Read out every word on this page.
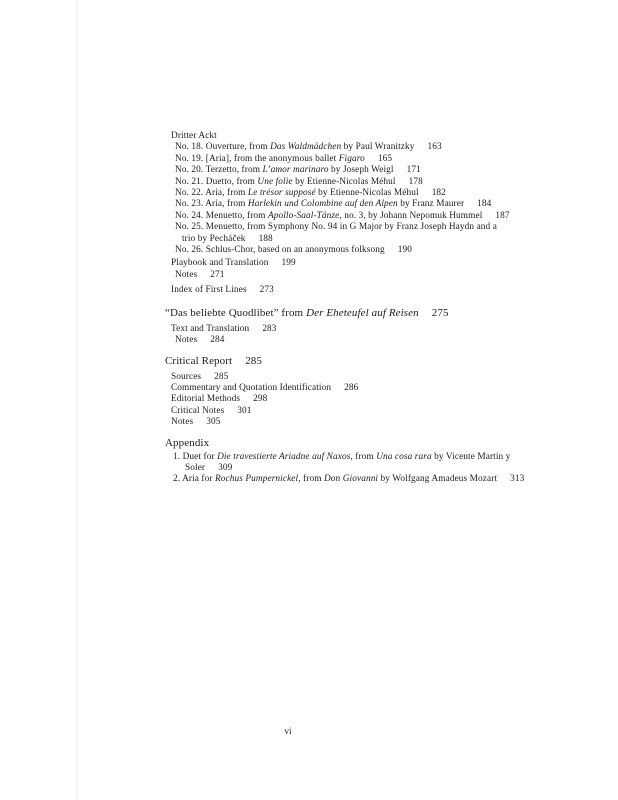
Dritter Ackt
No. 18. Ouverture, from Das Waldmädchen by Paul Wranitzky 163
No. 19. [Aria], from the anonymous ballet Figaro 165
No. 20. Terzetto, from L’amor marinaro by Joseph Weigl 171
No. 21. Duetto, from Une folie by Etienne-Nicolas Méhul 178
No. 22. Aria, from Le trésor supposé by Etienne-Nicolas Méhul 182
No. 23. Aria, from Harlekin und Colombine auf den Alpen by Franz Maurer 184
No. 24. Menuetto, from Apollo-Saal-Tänze, no. 3, by Johann Nepomuk Hummel 187
No. 25. Menuetto, from Symphony No. 94 in G Major by Franz Joseph Haydn and a
trio by Pecháček 188
No. 26. Schlus-Chor, based on an anonymous folksong 190
Playbook and Translation 199
Notes 271
Index of First Lines 273
“Das beliebte Quodlibet” from Der Eheteufel auf Reisen 275
Text and Translation 283
Notes 284
Critical Report 285
Sources 285
Commentary and Quotation Identification 286
Editorial Methods 298
Critical Notes 301
Notes 305
Appendix
1. Duet for Die travestierte Ariadne auf Naxos, from Una cosa rara by Vicente Martín y
Soler 309
2. Aria for Rochus Pumpernickel, from Don Giovanni by Wolfgang Amadeus Mozart 313
vi
